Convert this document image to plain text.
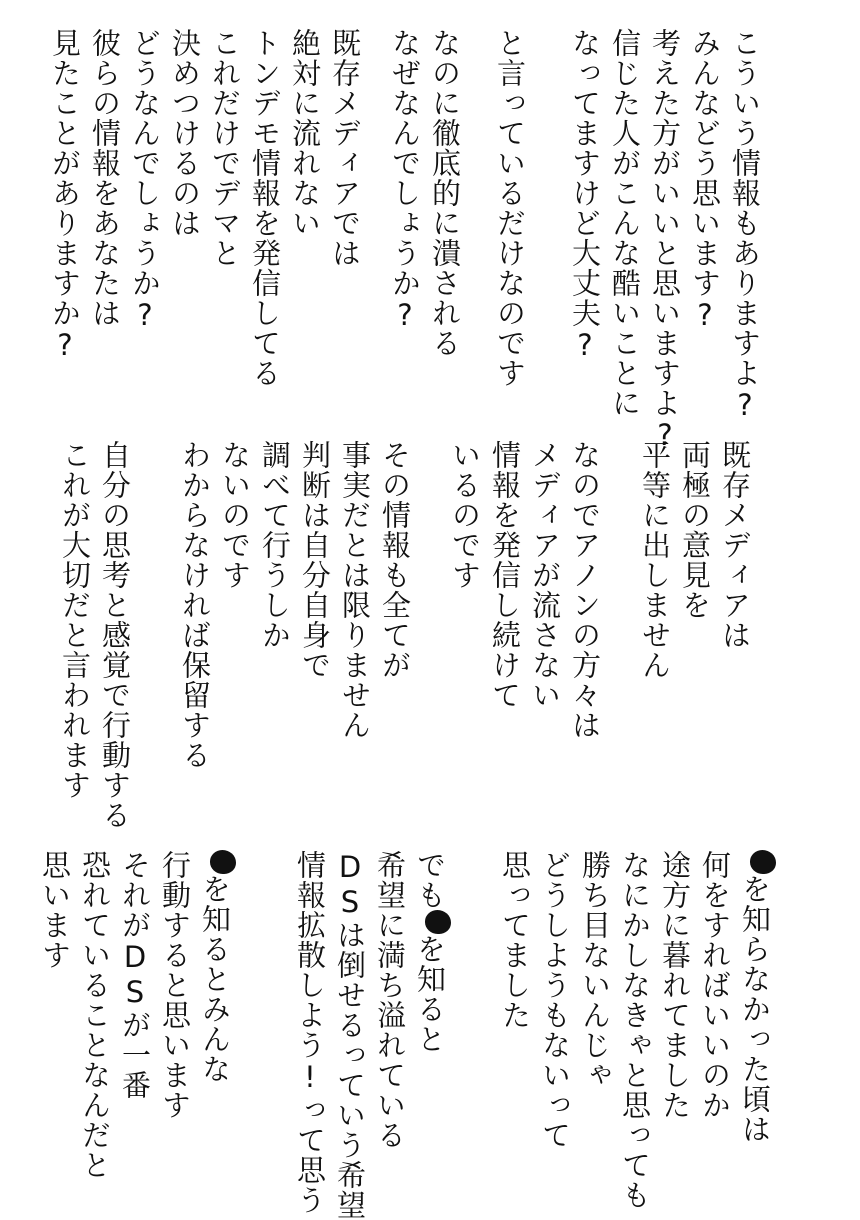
こういう情報もありますよ?
みんなどう思います?
考えた方がいいと思いますよ?
信じた人がこんな酷いことに
なってますけど大丈夫?
と言っているだけなのです
なのに徹底的に潰される
なぜなんでしょうか?
既存メディアでは
絶対に流れない
トンデモ情報を発信してる
これだけでデマと
決めつけるのは
どうなんでしょうか?
彼らの情報をあなたは
見たことがありますか?
既存メディアは
両極の意見を
平等に出しません
なのでアノンの方々は
メディアが流さない
情報を発信し続けて
いるのです
その情報も全てが
事実だとは限りません
判断は自分自身で
調べて行うしか
ないのです
わからなければ保留する
自分の思考と感覚で行動する
これが大切だと言われます
を知らなかった頃は
何をすればいいのか
途方に暮れてました
なにかしなきゃと思っても
勝ち目ないんじゃ
どうしようもないって
思ってました
でもを知ると
希望に満ち溢れている
DSは倒せるっていう希望
情報拡散しよう!って思う
を知るとみんな
行動すると思います
それがDSが一番
恐れていることなんだと
思います
